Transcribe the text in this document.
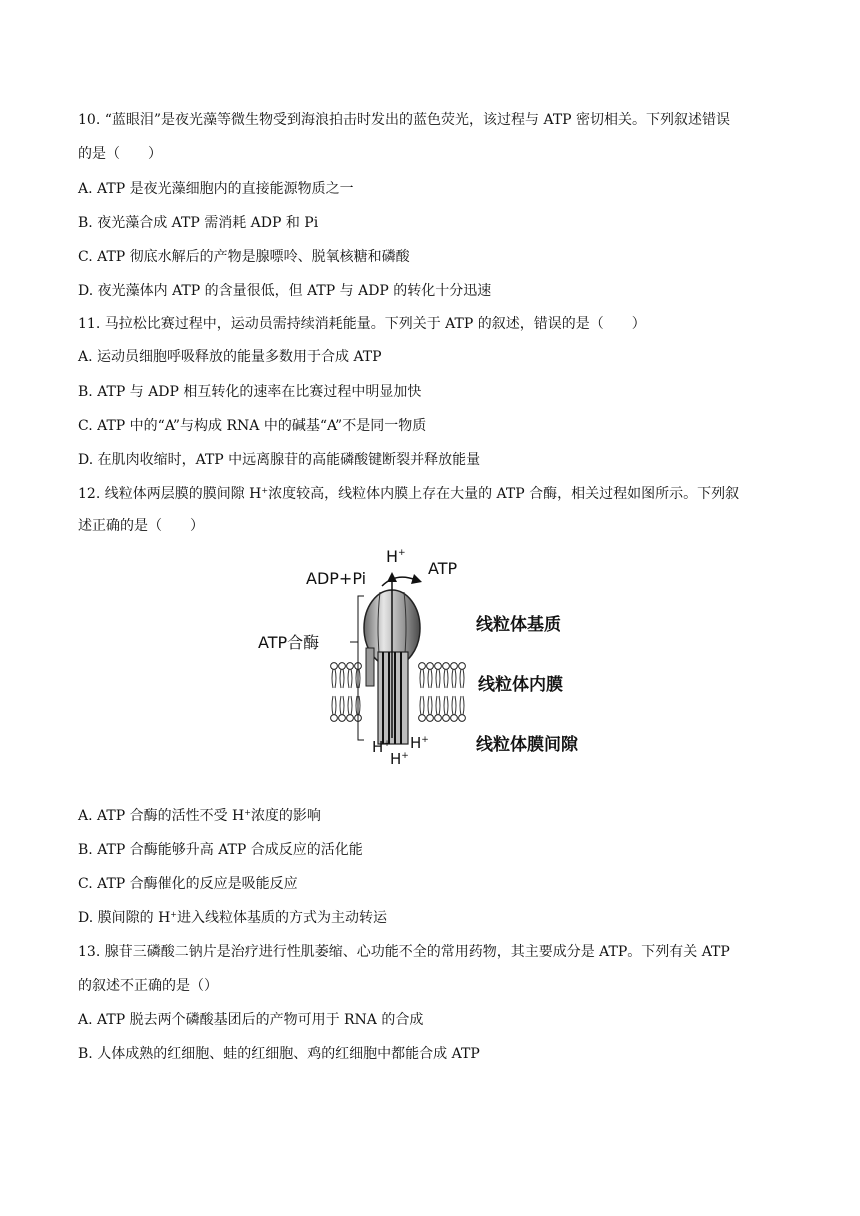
10. “蓝眼泪”是夜光藻等微生物受到海浪拍击时发出的蓝色荧光，该过程与 ATP 密切相关。下列叙述错误
的是（　　）
A. ATP 是夜光藻细胞内的直接能源物质之一
B. 夜光藻合成 ATP 需消耗 ADP 和 Pi
C. ATP 彻底水解后的产物是腺嘌呤、脱氧核糖和磷酸
D. 夜光藻体内 ATP 的含量很低，但 ATP 与 ADP 的转化十分迅速
11. 马拉松比赛过程中，运动员需持续消耗能量。下列关于 ATP 的叙述，错误的是（　　）
A. 运动员细胞呼吸释放的能量多数用于合成 ATP
B. ATP 与 ADP 相互转化的速率在比赛过程中明显加快
C. ATP 中的“A”与构成 RNA 中的碱基“A”不是同一物质
D. 在肌肉收缩时，ATP 中远离腺苷的高能磷酸键断裂并释放能量
12. 线粒体两层膜的膜间隙 H+浓度较高，线粒体内膜上存在大量的 ATP 合酶，相关过程如图所示。下列叙
述正确的是（　　）
H+
ADP+Pi
ATP
ATP合酶
线粒体基质
线粒体内膜
线粒体膜间隙
H+ H+
H+
A. ATP 合酶的活性不受 H+浓度的影响
B. ATP 合酶能够升高 ATP 合成反应的活化能
C. ATP 合酶催化的反应是吸能反应
D. 膜间隙的 H+进入线粒体基质的方式为主动转运
13. 腺苷三磷酸二钠片是治疗进行性肌萎缩、心功能不全的常用药物，其主要成分是 ATP。下列有关 ATP
的叙述不正确的是（）
A. ATP 脱去两个磷酸基团后的产物可用于 RNA 的合成
B. 人体成熟的红细胞、蛙的红细胞、鸡的红细胞中都能合成 ATP
